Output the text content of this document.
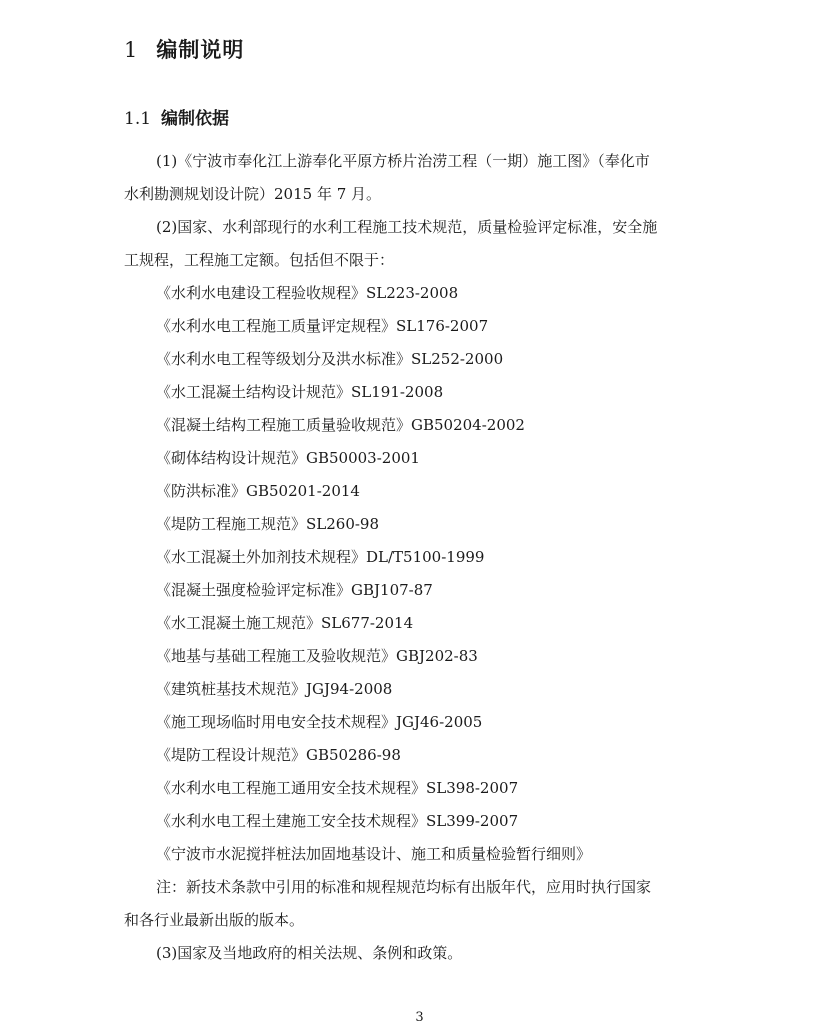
1 编制说明
1.1 编制依据
(1)《宁波市奉化江上游奉化平原方桥片治涝工程（一期）施工图》（奉化市
水利勘测规划设计院）2015 年 7 月。
(2)国家、水利部现行的水利工程施工技术规范，质量检验评定标准，安全施
工规程，工程施工定额。包括但不限于：
《水利水电建设工程验收规程》SL223-2008
《水利水电工程施工质量评定规程》SL176-2007
《水利水电工程等级划分及洪水标准》SL252-2000
《水工混凝土结构设计规范》SL191-2008
《混凝土结构工程施工质量验收规范》GB50204-2002
《砌体结构设计规范》GB50003-2001
《防洪标准》GB50201-2014
《堤防工程施工规范》SL260-98
《水工混凝土外加剂技术规程》DL/T5100-1999
《混凝土强度检验评定标准》GBJ107-87
《水工混凝土施工规范》SL677-2014
《地基与基础工程施工及验收规范》GBJ202-83
《建筑桩基技术规范》JGJ94-2008
《施工现场临时用电安全技术规程》JGJ46-2005
《堤防工程设计规范》GB50286-98
《水利水电工程施工通用安全技术规程》SL398-2007
《水利水电工程土建施工安全技术规程》SL399-2007
《宁波市水泥搅拌桩法加固地基设计、施工和质量检验暂行细则》
注：新技术条款中引用的标准和规程规范均标有出版年代，应用时执行国家
和各行业最新出版的版本。
(3)国家及当地政府的相关法规、条例和政策。
3
